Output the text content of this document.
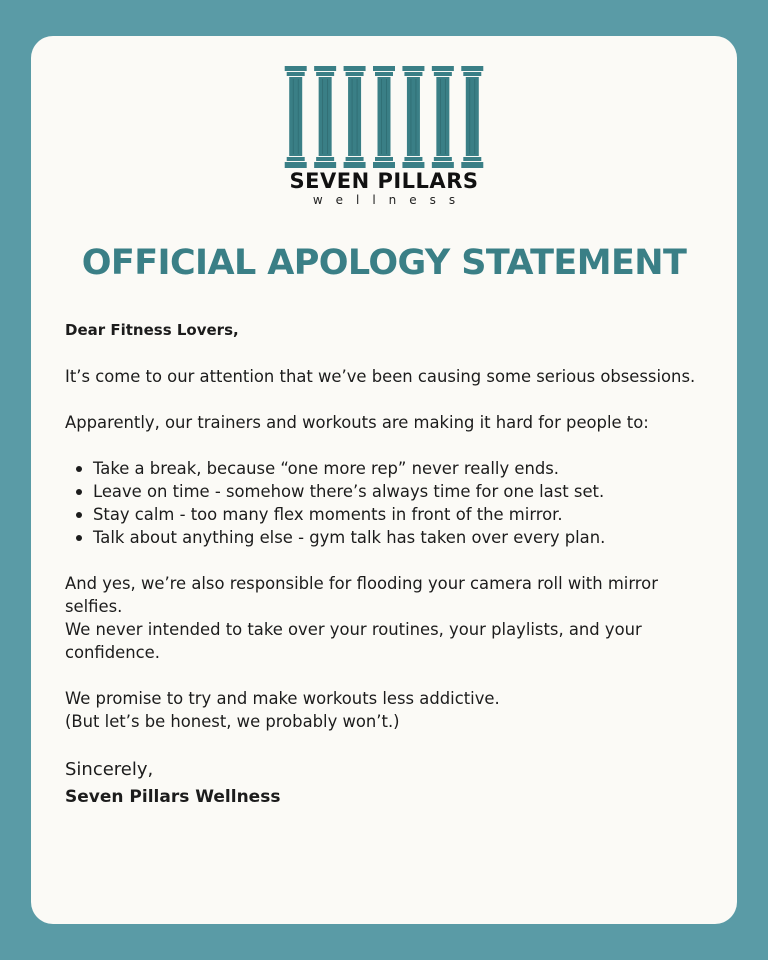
SEVEN PILLARS
wellness
OFFICIAL APOLOGY STATEMENT

Dear Fitness Lovers,

It’s come to our attention that we’ve been causing some serious obsessions.

Apparently, our trainers and workouts are making it hard for people to:

Take a break, because “one more rep” never really ends.
Leave on time - somehow there’s always time for one last set.
Stay calm - too many flex moments in front of the mirror.
Talk about anything else - gym talk has taken over every plan.

And yes, we’re also responsible for flooding your camera roll with mirror selfies.

We never intended to take over your routines, your playlists, and your confidence.

We promise to try and make workouts less addictive.

(But let’s be honest, we probably won’t.)

Sincerely,

Seven Pillars Wellness
